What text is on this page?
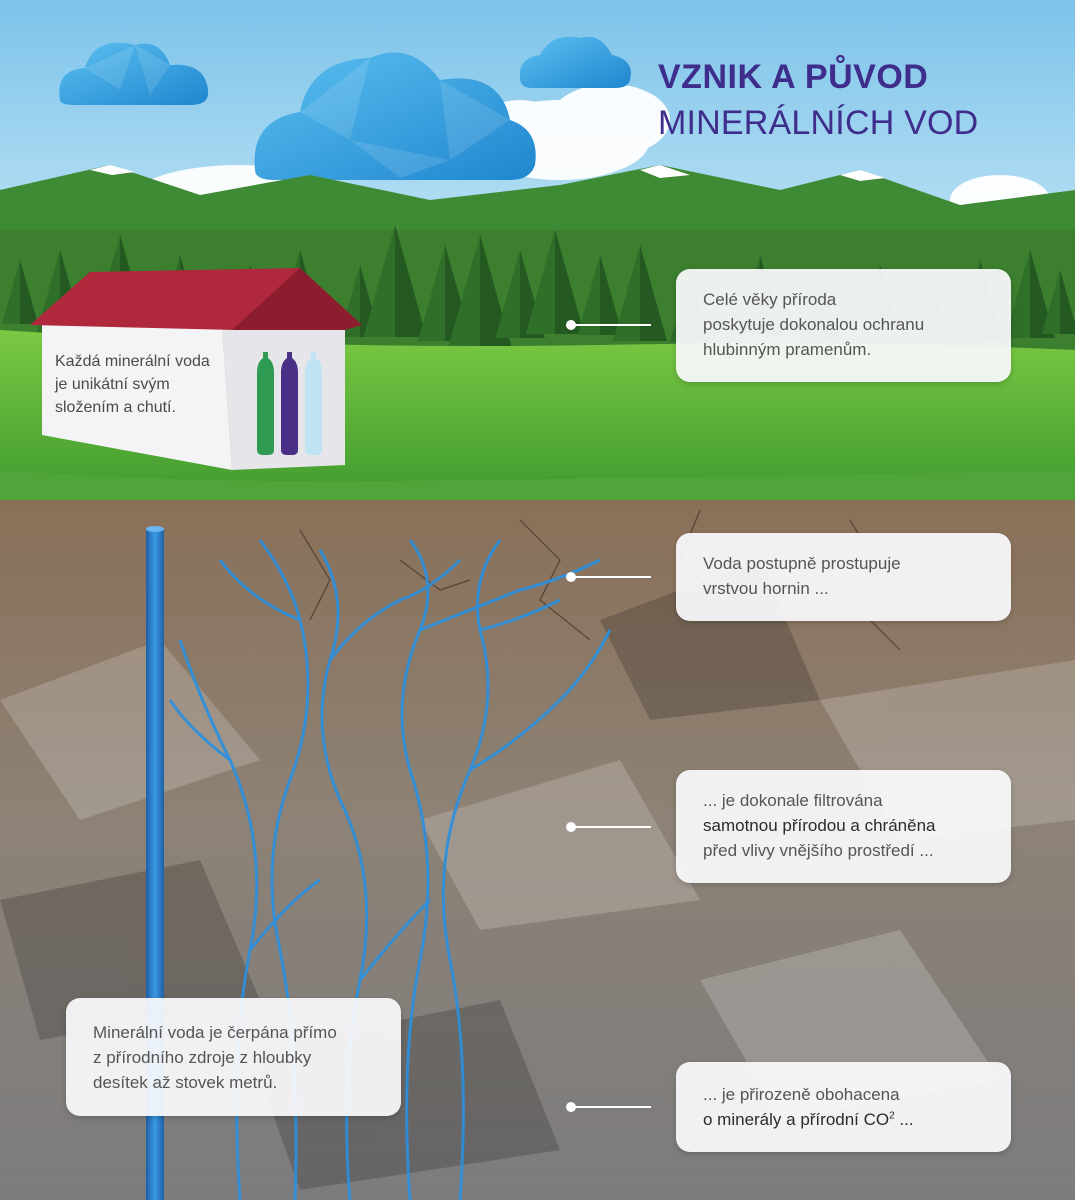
VZNIK A PŮVOD
MINERÁLNÍCH VOD
Každá minerální voda
je unikátní svým
složením a chutí.
Celé věky příroda
poskytuje dokonalou ochranu
hlubinným pramenům.
Voda postupně prostupuje
vrstvou hornin ...
... je dokonale filtrována
samotnou přírodou a chráněna
před vlivy vnějšího prostředí ...
... je přirozeně obohacena
o minerály a přírodní $CO^2$ ...
Minerální voda je čerpána přímo
z přírodního zdroje z hloubky
desítek až stovek metrů.
